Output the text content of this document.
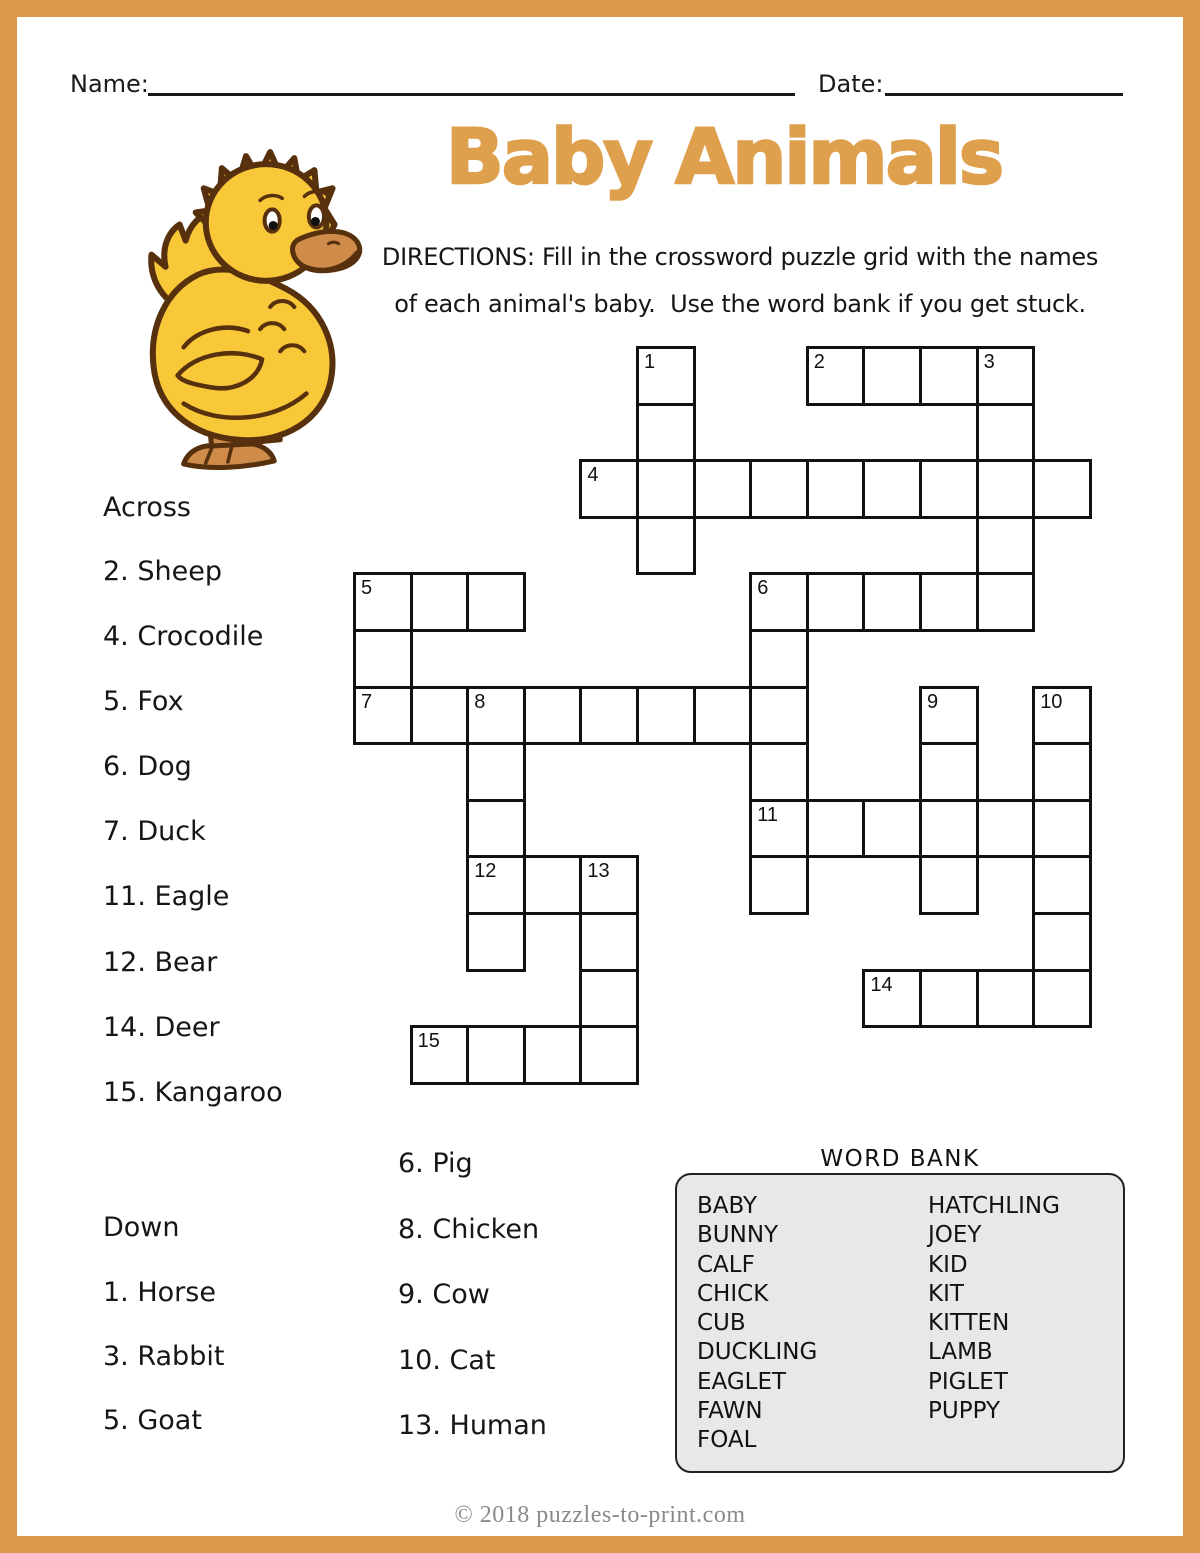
Name:	Date:
Baby Animals
DIRECTIONS: Fill in the crossword puzzle grid with the names
of each animal's baby.  Use the word bank if you get stuck.
Across
2. Sheep
4. Crocodile
5. Fox
6. Dog
7. Duck
11. Eagle
12. Bear
14. Deer
15. Kangaroo
Down
1. Horse
3. Rabbit
5. Goat
6. Pig
8. Chicken
9. Cow
10. Cat
13. Human
1	2	3
4
5	6
7	8	9	10
11
12	13
14
15
WORD BANK
BABY
BUNNY
CALF
CHICK
CUB
DUCKLING
EAGLET
FAWN
FOAL
HATCHLING
JOEY
KID
KIT
KITTEN
LAMB
PIGLET
PUPPY
© 2018 puzzles-to-print.com
